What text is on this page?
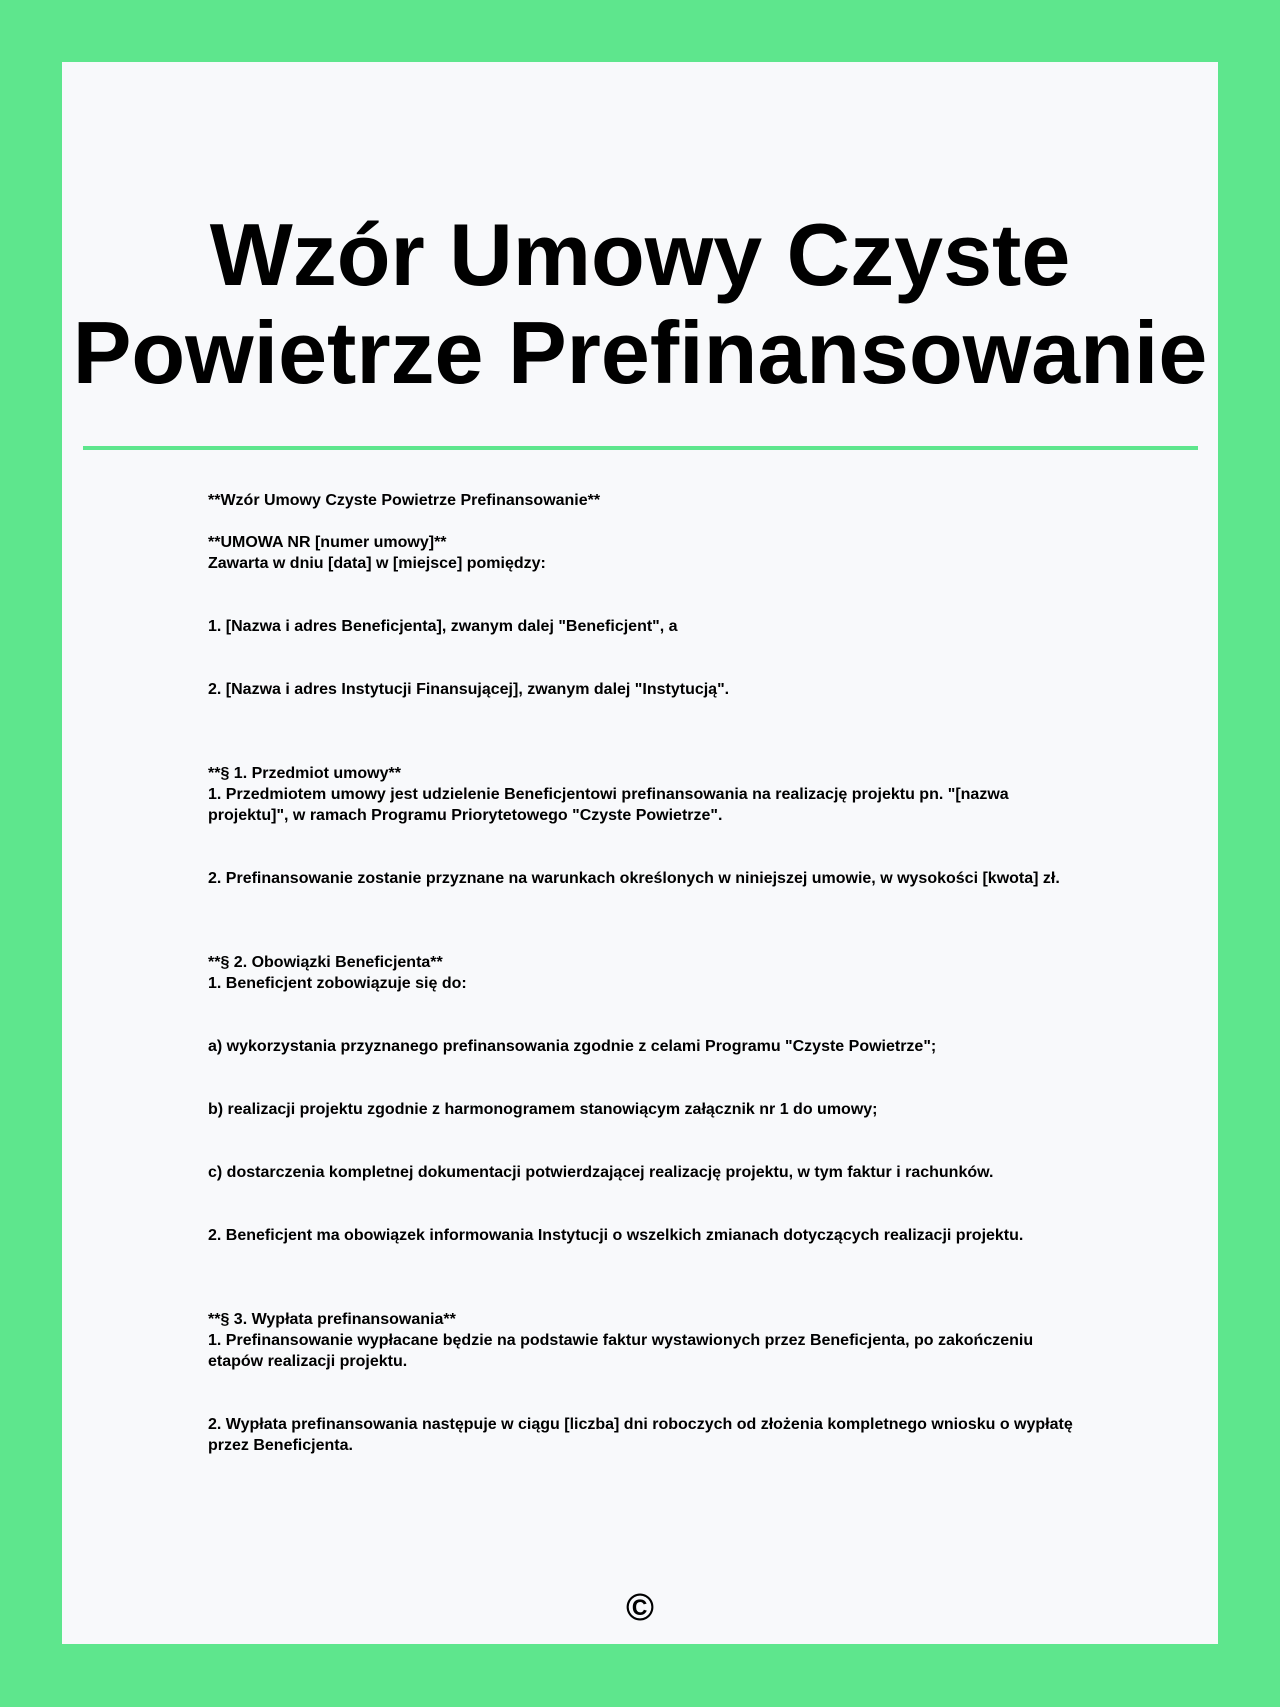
Wzór Umowy Czyste
Powietrze Prefinansowanie

**Wzór Umowy Czyste Powietrze Prefinansowanie**

**UMOWA NR [numer umowy]**

Zawarta w dniu [data] w [miejsce] pomiędzy:

1. [Nazwa i adres Beneficjenta], zwanym dalej "Beneficjent", a

2. [Nazwa i adres Instytucji Finansującej], zwanym dalej "Instytucją".

**§ 1. Przedmiot umowy**

1. Przedmiotem umowy jest udzielenie Beneficjentowi prefinansowania na realizację projektu pn. "[nazwa projektu]", w ramach Programu Priorytetowego "Czyste Powietrze".

2. Prefinansowanie zostanie przyznane na warunkach określonych w niniejszej umowie, w wysokości [kwota] zł.

**§ 2. Obowiązki Beneficjenta**

1. Beneficjent zobowiązuje się do:

a) wykorzystania przyznanego prefinansowania zgodnie z celami Programu "Czyste Powietrze";

b) realizacji projektu zgodnie z harmonogramem stanowiącym załącznik nr 1 do umowy;

c) dostarczenia kompletnej dokumentacji potwierdzającej realizację projektu, w tym faktur i rachunków.

2. Beneficjent ma obowiązek informowania Instytucji o wszelkich zmianach dotyczących realizacji projektu.

**§ 3. Wypłata prefinansowania**

1. Prefinansowanie wypłacane będzie na podstawie faktur wystawionych przez Beneficjenta, po zakończeniu etapów realizacji projektu.

2. Wypłata prefinansowania następuje w ciągu [liczba] dni roboczych od złożenia kompletnego wniosku o wypłatę przez Beneficjenta.

©
